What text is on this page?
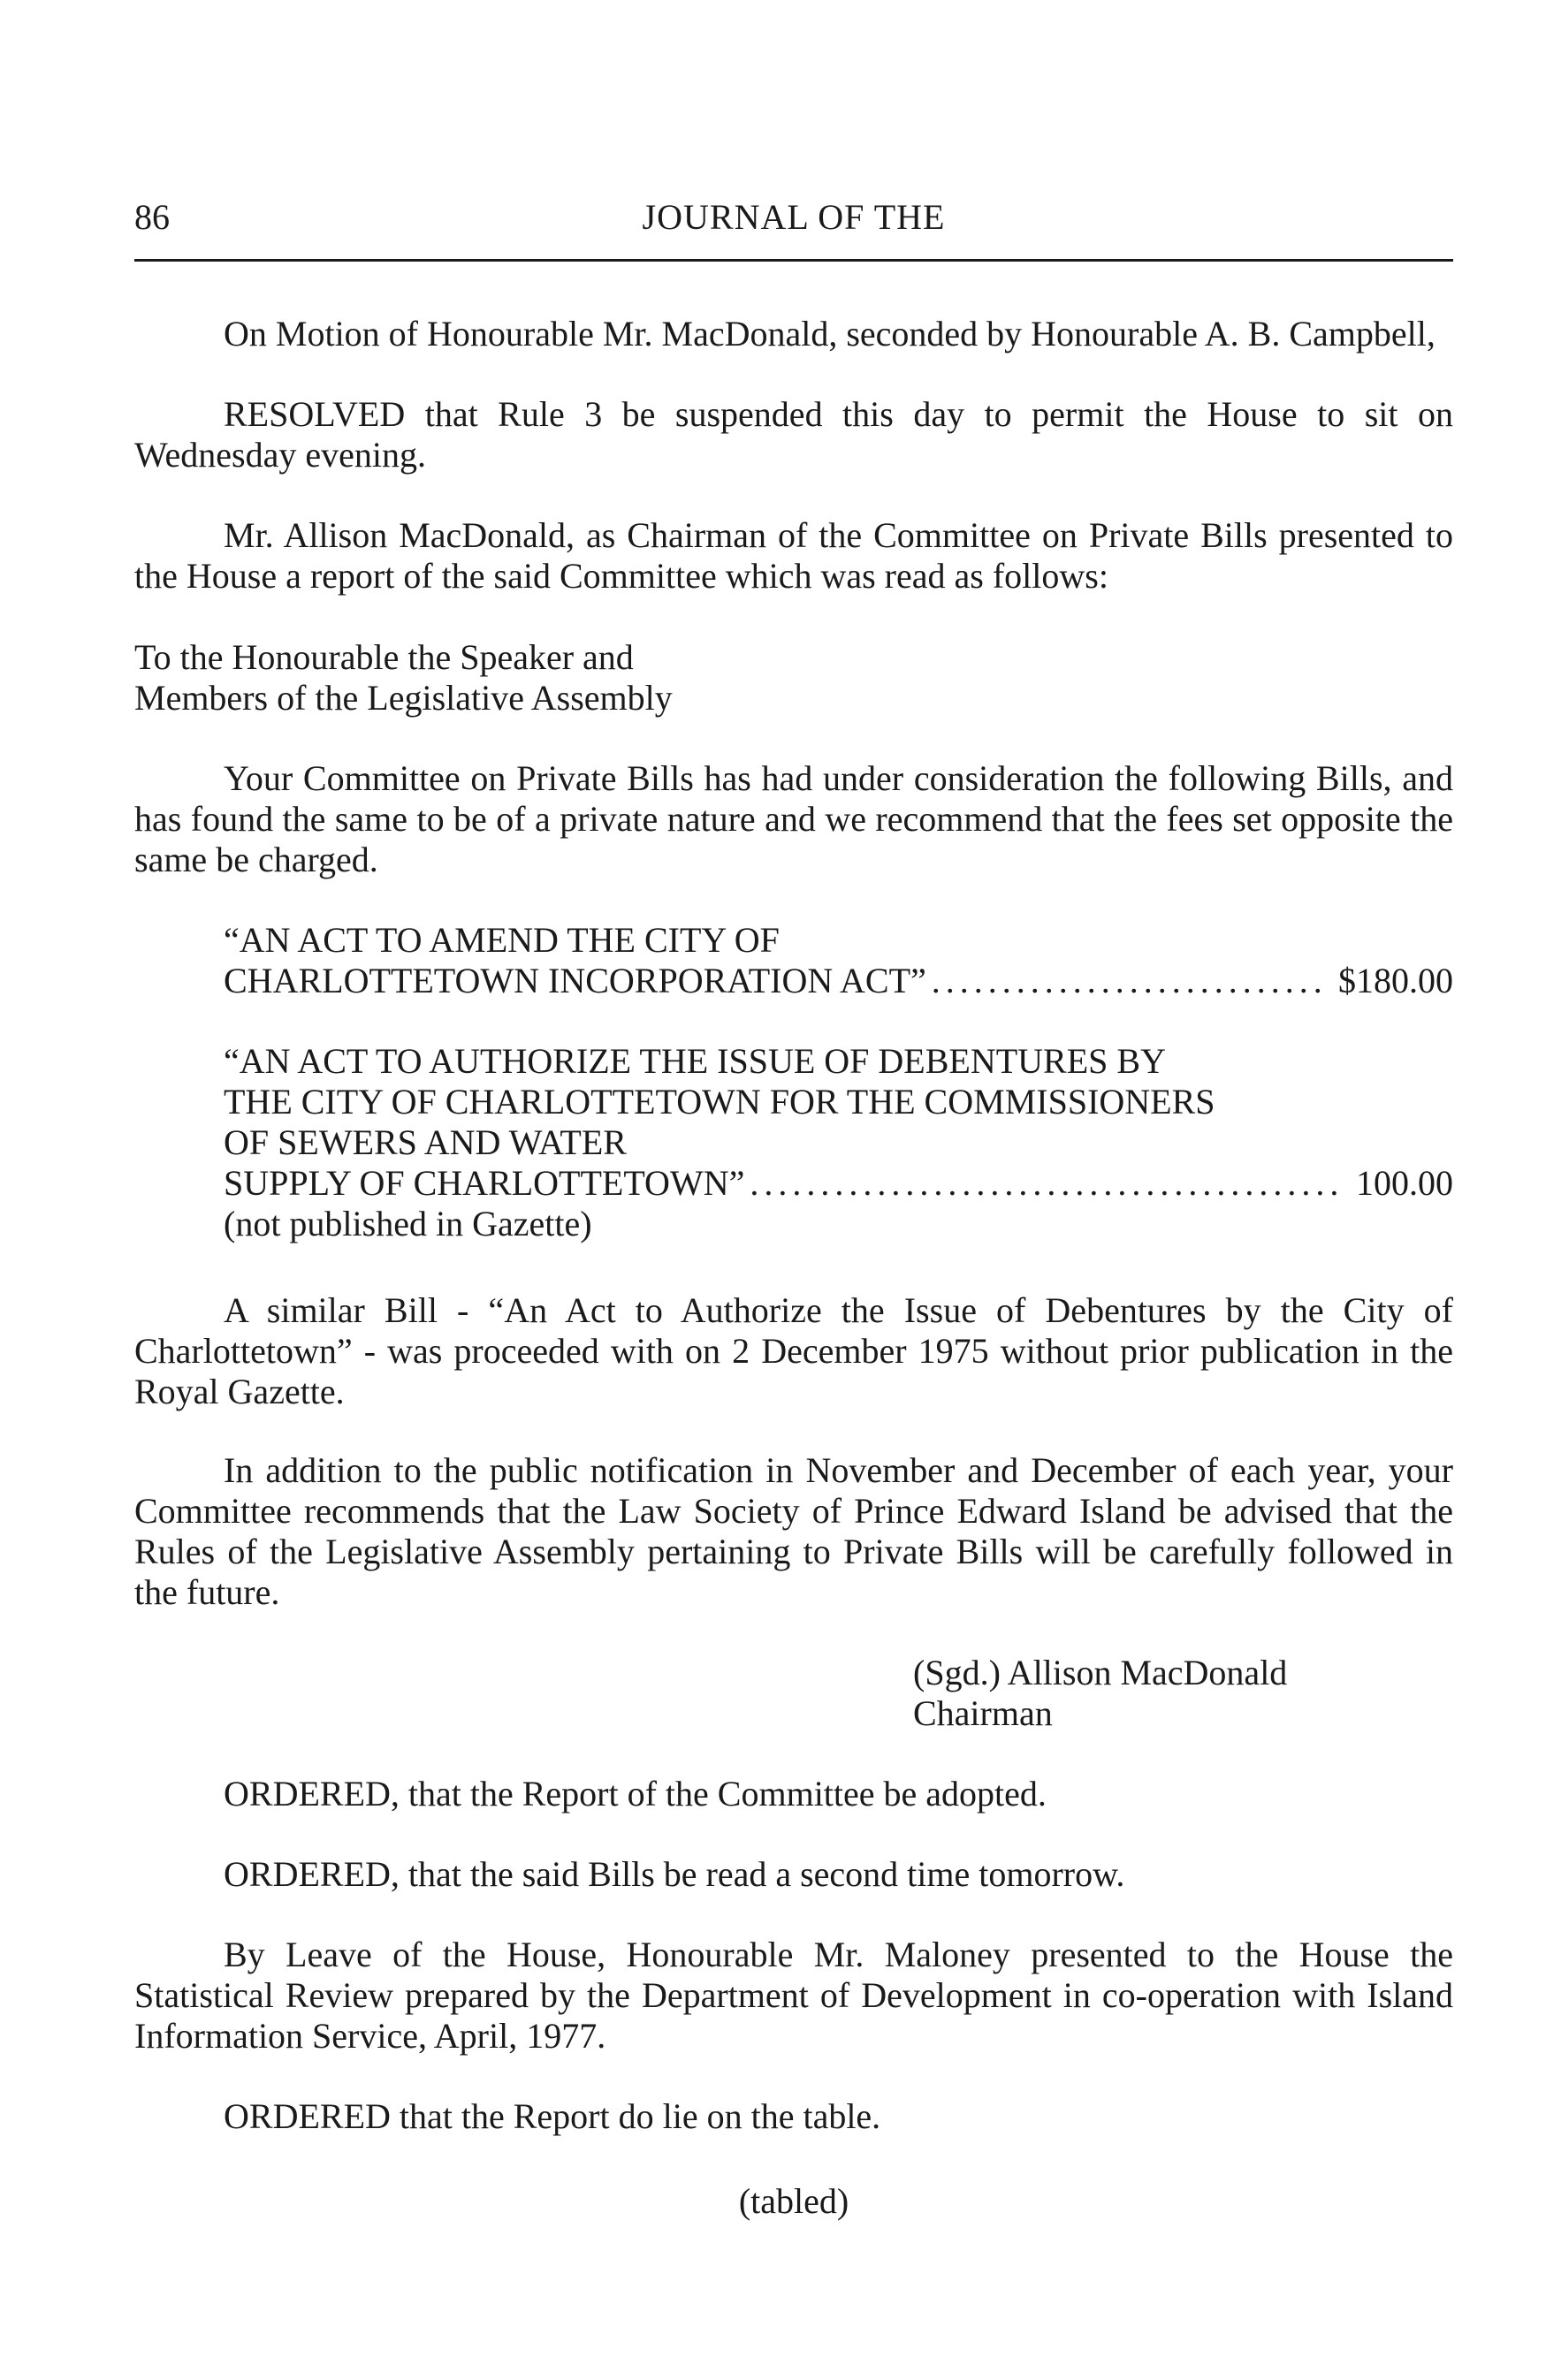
86	JOURNAL OF THE

On Motion of Honourable Mr. MacDonald, seconded by Honourable A. B. Campbell,

RESOLVED that Rule 3 be suspended this day to permit the House to sit on Wednesday evening.

Mr. Allison MacDonald, as Chairman of the Committee on Private Bills presented to the House a report of the said Committee which was read as follows:

To the Honourable the Speaker and
Members of the Legislative Assembly

Your Committee on Private Bills has had under consideration the following Bills, and has found the same to be of a private nature and we recommend that the fees set opposite the same be charged.

“AN ACT TO AMEND THE CITY OF
CHARLOTTETOWN INCORPORATION ACT” . . .	$180.00
“AN ACT TO AUTHORIZE THE ISSUE OF DEBENTURES BY
THE CITY OF CHARLOTTETOWN FOR THE COMMISSIONERS
OF SEWERS AND WATER
SUPPLY OF CHARLOTTETOWN” . . .	100.00
(not published in Gazette)

A similar Bill - “An Act to Authorize the Issue of Debentures by the City of Charlottetown” - was proceeded with on 2 December 1975 without prior publication in the Royal Gazette.

In addition to the public notification in November and December of each year, your Committee recommends that the Law Society of Prince Edward Island be advised that the Rules of the Legislative Assembly pertaining to Private Bills will be carefully followed in the future.

(Sgd.) Allison MacDonald
Chairman

ORDERED, that the Report of the Committee be adopted.

ORDERED, that the said Bills be read a second time tomorrow.

By Leave of the House, Honourable Mr. Maloney presented to the House the Statistical Review prepared by the Department of Development in co-operation with Island Information Service, April, 1977.

ORDERED that the Report do lie on the table.

(tabled)
